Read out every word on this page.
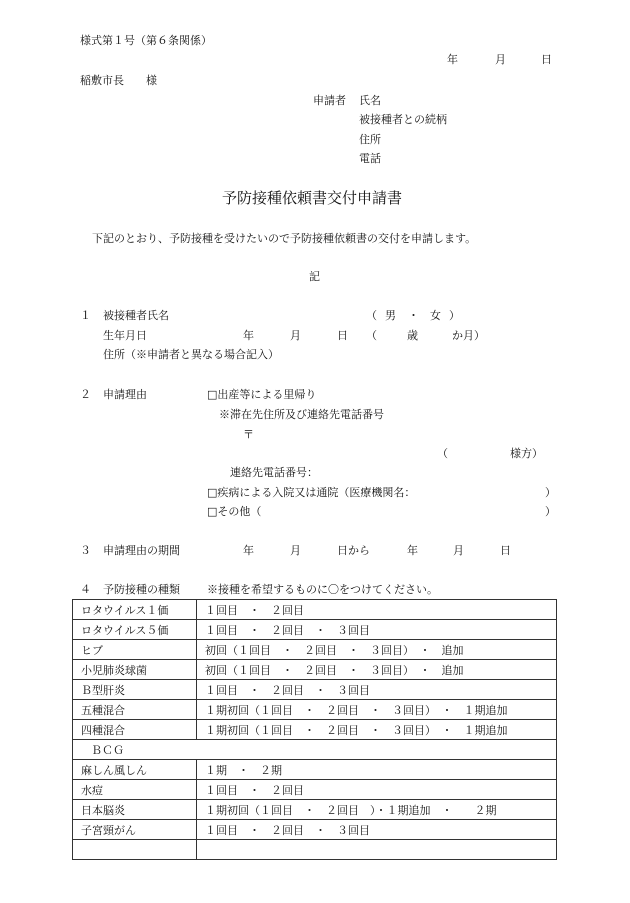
様式第１号（第６条関係）
年	月	日
稲敷市長　　様
申請者 氏名
被接種者との続柄
住所
電話
予防接種依頼書交付申請書
下記のとおり、予防接種を受けたいので予防接種依頼書の交付を申請します。
記
１ 被接種者氏名	（ 男 ・ 女 ）
生年月日	年	月	日 （	歳	か月）
住所（※申請者と異なる場合記入）
２ 申請理由	□出産等による里帰り
※滞在先住所及び連絡先電話番号
〒
（	様方）
連絡先電話番号：
□疾病による入院又は通院（医療機関名：	）
□その他（	）
３ 申請理由の期間	年	月	日から	年	月	日
４ 予防接種の種類 ※接種を希望するものに〇をつけてください。
ロタウイルス１価	１回目　・　２回目
ロタウイルス５価	１回目　・　２回目　・　３回目
ヒブ	初回（１回目　・　２回目　・　３回目）　・　追加
小児肺炎球菌	初回（１回目　・　２回目　・　３回目）　・　追加
Ｂ型肝炎	１回目　・　２回目　・　３回目
五種混合	１期初回（１回目　・　２回目　・　３回目）　・　１期追加
四種混合	１期初回（１回目　・　２回目　・　３回目）　・　１期追加
ＢＣＧ	
麻しん風しん	１期　・　２期
水痘	１回目　・　２回目
日本脳炎	１期初回（１回目　・　２回目　）・１期追加　・　　２期
子宮頸がん	１回目　・　２回目　・　３回目
